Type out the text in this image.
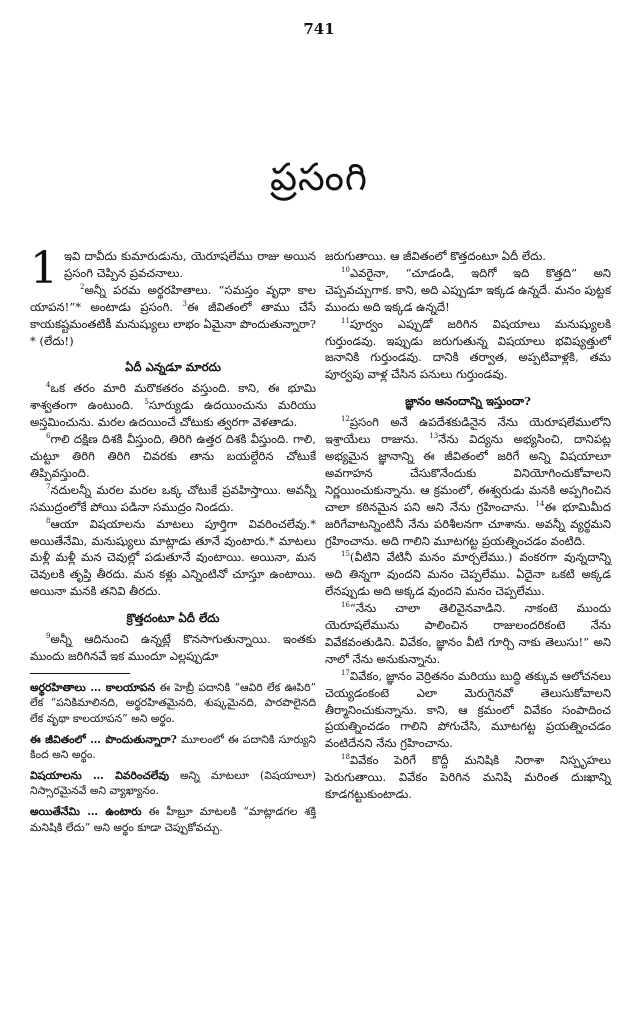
741
ప్రసంగి

1 ఇవి దావీదు కుమారుడును, యెరూషలేము రాజు అయిన ప్రసంగి చెప్పిన ప్రవచనాలు.

$^2$అన్నీ పరమ అర్థరహితాలు. “సమస్తం వృధా కాల యాపన!”* అంటాడు ప్రసంగి. $^3$ఈ జీవితంలో తాము చేసే కాయకష్టమంతటికీ మనుష్యులు లాభం ఏమైనా పొందుతున్నారా?* (లేదు!)

ఏదీ ఎన్నడూ మారదు

$^4$ఒక తరం మారి మరొకతరం వస్తుంది. కాని, ఈ భూమి శాశ్వతంగా ఉంటుంది. $^5$సూర్యుడు ఉదయించును మరియు అస్తమించును. మరల ఉదయించే చోటుకు త్వరగా వెళతాడు.

$^6$గాలి దక్షిణ దిశకి వీస్తుంది, తిరిగి ఉత్తర దిశకి వీస్తుంది. గాలి, చుట్టూ తిరిగి తిరిగి చివరకు తాను బయల్దేరిన చోటుకే తిప్పివస్తుంది.

$^7$నదులన్నీ మరల మరల ఒక్క చోటుకే ప్రవహిస్తాయి. అవన్నీ సముద్రంలోకే పోయి పడినా సముద్రం నిండదు.

$^8$ఆయా విషయాలను మాటలు పూర్తిగా వివరించలేవు.* అయితేనేమి, మనుష్యులు మాట్లాడు తూనే వుంటారు.* మాటలు మళ్లీ మళ్లీ మన చెవుల్లో పడుతూనే వుంటాయి. అయినా, మన చెవులకి తృప్తి తీరదు. మన కళ్లు ఎన్నింటినో చూస్తూ ఉంటాయి. అయినా మనకి తనివి తీరదు.

క్రొత్తదంటూ ఏదీ లేదు

$^9$అన్నీ ఆదినుంచి ఉన్నట్లే కొనసాగుతున్నాయి. ఇంతకు ముందు జరిగినవే ఇక ముందూ ఎల్లప్పుడూ

అర్థరహితాలు … కాలయాపన ఈ హెబ్రీ పదానికి “ఆవిరి లేక ఊపిరి” లేక “పనికిమాలినది, అర్థరహితమైనది, శుష్కమైనది, పారపొలైనది లేక వృథా కాలయాపన” అని అర్థం.

ఈ జీవితంలో … పొందుతున్నారా? మూలంలో ఈ పదానికి సూర్యుని కింద అని అర్థం.

విషయాలను … వివరించలేవు అన్ని మాటలూ (విషయాలూ) నిస్సారమైనవే అని వ్యాఖ్యానం.

అయితేనేమి … ఉంటారు ఈ హీబ్రూ మాటలకి “మాట్లాడగల శక్తి మనిషికి లేదు” అని అర్థం కూడా చెప్పుకోవచ్చు.

జరుగుతాయి. ఆ జీవితంలో కొత్తదంటూ ఏదీ లేదు.

$^{10}$ఎవరైనా, “చూడండి, ఇదిగో ఇది కొత్తది” అని చెప్పవచ్చుగాక. కాని, అది ఎప్పుడూ ఇక్కడ ఉన్నదే. మనం పుట్టక ముందు అది ఇక్కడ ఉన్నదే!

$^{11}$పూర్వం ఎప్పుడో జరిగిన విషయాలు మనుష్యులకి గుర్తుండవు. ఇప్పుడు జరుగుతున్న విషయాలు భవిష్యత్తులో జనానికి గుర్తుండవు. దానికి తర్వాత, అప్పటివాళ్లకి, తమ పూర్వపు వాళ్ల చేసిన పనులు గుర్తుండవు.

జ్ఞానం ఆనందాన్ని ఇస్తుందా?

$^{12}$ప్రసంగి అనే ఉపదేశకుడినైన నేను యెరూషలేములోని ఇశ్రాయేలు రాజును. $^{13}$నేను విద్యను అభ్యసించి, దానిపట్ల అభ్యమైన జ్ఞానాన్ని ఈ జీవితంలో జరిగే అన్ని విషయాలూ అవగాహన చేసుకొనేందుకు వినియోగించుకోవాలని నిర్ణయించుకున్నాను. ఆ క్రమంలో, ఈశ్వరుడు మనకి అప్పగించిన చాలా కఠినమైన పని అని నేను గ్రహించాను. $^{14}$ఈ భూమిమీద జరిగేవాటన్నింటినీ నేను పరిశీలనగా చూశాను. అవన్నీ వ్యర్థమని గ్రహించాను. అది గాలిని మూటగట్ట ప్రయత్నించడం వంటిది.

$^{15}$(వీటిని వేటినీ మనం మార్చలేము.) వంకరగా వున్నదాన్ని అది తిన్నగా వుందని మనం చెప్పలేము. ఏదైనా ఒకటి అక్కడ లేనప్పుడు అది అక్కడ వుందని మనం చెప్పలేము.

$^{16}$“నేను చాలా తెలివైనవాడిని. నాకంటె ముందు యెరూషలేమును పాలించిన రాజులందరికంటె నేను వివేకవంతుడిని. వివేకం, జ్ఞానం వీటి గూర్చి నాకు తెలుసు!” అని నాలో నేను అనుకున్నాను.

$^{17}$వివేకం, జ్ఞానం వెర్రితనం మరియు బుద్ధి తక్కువ ఆలోచనలు చెయ్యడంకంటె ఎలా మెరుగైనవో తెలుసుకోవాలని తీర్మానించుకున్నాను. కాని, ఆ క్రమంలో వివేకం సంపాదించ ప్రయత్నించడం గాలిని పోగుచేసి, మూటగట్ట ప్రయత్నించడం వంటిదేనని నేను గ్రహించాను.

$^{18}$వివేకం పెరిగే కొద్దీ మనిషికి నిరాశా నిస్పృహలు పెరుగుతాయి. వివేకం పెరిగిన మనిషి మరింత దుఃఖాన్ని కూడగట్టుకుంటాడు.
